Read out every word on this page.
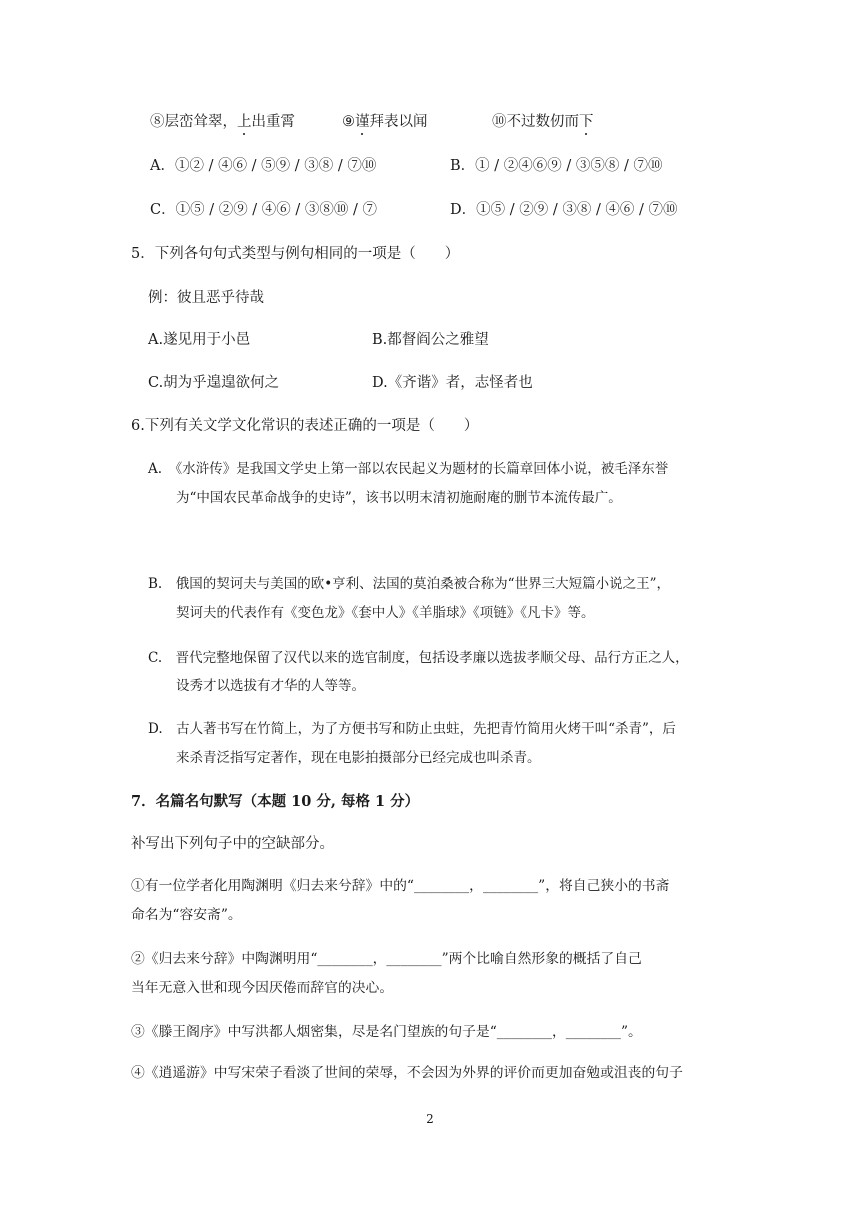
⑧层峦耸翠，上出重霄	⑨谨拜表以闻	⑩不过数仞而下
A．①② / ④⑥ / ⑤⑨ / ③⑧ / ⑦⑩	B．① / ②④⑥⑨ / ③⑤⑧ / ⑦⑩
C．①⑤ / ②⑨ / ④⑥ / ③⑧⑩ / ⑦	D．①⑤ / ②⑨ / ③⑧ / ④⑥ / ⑦⑩
5．下列各句句式类型与例句相同的一项是（　　）
例：彼且恶乎待哉
A.遂见用于小邑	B.都督阎公之雅望
C.胡为乎遑遑欲何之	D.《齐谐》者，志怪者也
6.下列有关文学文化常识的表述正确的一项是（　　）
A.　《水浒传》是我国文学史上第一部以农民起义为题材的长篇章回体小说，被毛泽东誉
为“中国农民革命战争的史诗”，该书以明末清初施耐庵的删节本流传最广。
B.　俄国的契诃夫与美国的欧•亨利、法国的莫泊桑被合称为“世界三大短篇小说之王”，
契诃夫的代表作有《变色龙》《套中人》《羊脂球》《项链》《凡卡》等。
C.　晋代完整地保留了汉代以来的选官制度，包括设孝廉以选拔孝顺父母、品行方正之人，
设秀才以选拔有才华的人等等。
D.　古人著书写在竹简上，为了方便书写和防止虫蛀，先把青竹简用火烤干叫“杀青”，后
来杀青泛指写定著作，现在电影拍摄部分已经完成也叫杀青。
7．名篇名句默写（本题 10 分, 每格 1 分）
补写出下列句子中的空缺部分。
①有一位学者化用陶渊明《归去来兮辞》中的“________，________”，将自己狭小的书斋
命名为“容安斋”。
②《归去来兮辞》中陶渊明用“________，________”两个比喻自然形象的概括了自己
当年无意入世和现今因厌倦而辞官的决心。
③《滕王阁序》中写洪都人烟密集，尽是名门望族的句子是“________，________”。
④《逍遥游》中写宋荣子看淡了世间的荣辱，不会因为外界的评价而更加奋勉或沮丧的句子
2
